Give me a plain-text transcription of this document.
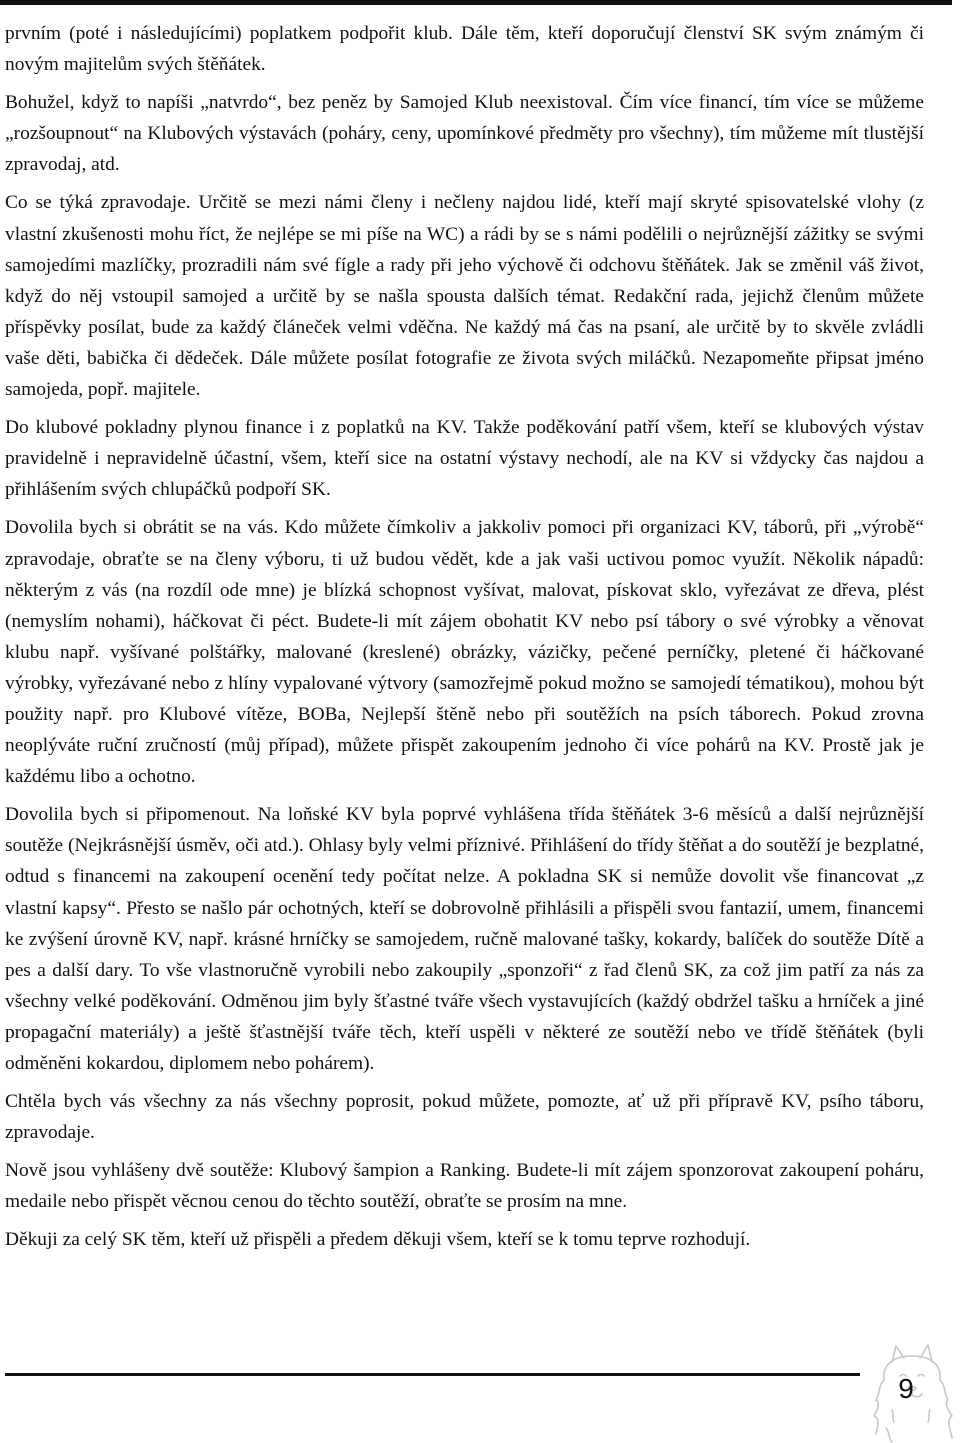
prvním (poté i následujícími) poplatkem podpořit klub. Dále těm, kteří doporučují členství SK svým známým či novým majitelům svých štěňátek.

Bohužel, když to napíši „natvrdo“, bez peněz by Samojed Klub neexistoval. Čím více financí, tím více se můžeme „rozšoupnout“ na Klubových výstavách (poháry, ceny, upomínkové předměty pro všechny), tím můžeme mít tlustější zpravodaj, atd.

Co se týká zpravodaje. Určitě se mezi námi členy i nečleny najdou lidé, kteří mají skryté spisovatelské vlohy (z vlastní zkušenosti mohu říct, že nejlépe se mi píše na WC) a rádi by se s námi podělili o nejrůznější zážitky se svými samojedími mazlíčky, prozradili nám své fígle a rady při jeho výchově či odchovu štěňátek. Jak se změnil váš život, když do něj vstoupil samojed a určitě by se našla spousta dalších témat. Redakční rada, jejichž členům můžete příspěvky posílat, bude za každý článeček velmi vděčna. Ne každý má čas na psaní, ale určitě by to skvěle zvládli vaše děti, babička či dědeček. Dále můžete posílat fotografie ze života svých miláčků. Nezapomeňte připsat jméno samojeda, popř. majitele.

Do klubové pokladny plynou finance i z poplatků na KV. Takže poděkování patří všem, kteří se klubových výstav pravidelně i nepravidelně účastní, všem, kteří sice na ostatní výstavy nechodí, ale na KV si vždycky čas najdou a přihlášením svých chlupáčků podpoří SK.

Dovolila bych si obrátit se na vás. Kdo můžete čímkoliv a jakkoliv pomoci při organizaci KV, táborů, při „výrobě“ zpravodaje, obraťte se na členy výboru, ti už budou vědět, kde a jak vaši uctivou pomoc využít. Několik nápadů: některým z vás (na rozdíl ode mne) je blízká schopnost vyšívat, malovat, pískovat sklo, vyřezávat ze dřeva, plést (nemyslím nohami), háčkovat či péct. Budete-li mít zájem obohatit KV nebo psí tábory o své výrobky a věnovat klubu např. vyšívané polštářky, malované (kreslené) obrázky, vázičky, pečené perníčky, pletené či háčkované výrobky, vyřezávané nebo z hlíny vypalované výtvory (samozřejmě pokud možno se samojedí tématikou), mohou být použity např. pro Klubové vítěze, BOBa, Nejlepší štěně nebo při soutěžích na psích táborech. Pokud zrovna neoplýváte ruční zručností (můj případ), můžete přispět zakoupením jednoho či více pohárů na KV. Prostě jak je každému libo a ochotno.

Dovolila bych si připomenout. Na loňské KV byla poprvé vyhlášena třída štěňátek 3-6 měsíců a další nejrůznější soutěže (Nejkrásnější úsměv, oči atd.). Ohlasy byly velmi příznivé. Přihlášení do třídy štěňat a do soutěží je bezplatné, odtud s financemi na zakoupení ocenění tedy počítat nelze. A pokladna SK si nemůže dovolit vše financovat „z vlastní kapsy“. Přesto se našlo pár ochotných, kteří se dobrovolně přihlásili a přispěli svou fantazií, umem, financemi ke zvýšení úrovně KV, např. krásné hrníčky se samojedem, ručně malované tašky, kokardy, balíček do soutěže Dítě a pes a další dary. To vše vlastnoručně vyrobili nebo zakoupily „sponzoři“ z řad členů SK, za což jim patří za nás za všechny velké poděkování. Odměnou jim byly šťastné tváře všech vystavujících (každý obdržel tašku a hrníček a jiné propagační materiály) a ještě šťastnější tváře těch, kteří uspěli v některé ze soutěží nebo ve třídě štěňátek (byli odměněni kokardou, diplomem nebo pohárem).

Chtěla bych vás všechny za nás všechny poprosit, pokud můžete, pomozte, ať už při přípravě KV, psího táboru, zpravodaje.

Nově jsou vyhlášeny dvě soutěže: Klubový šampion a Ranking. Budete-li mít zájem sponzorovat zakoupení poháru, medaile nebo přispět věcnou cenou do těchto soutěží, obraťte se prosím na mne.

Děkuji za celý SK těm, kteří už přispěli a předem děkuji všem, kteří se k tomu teprve rozhodují.

9
